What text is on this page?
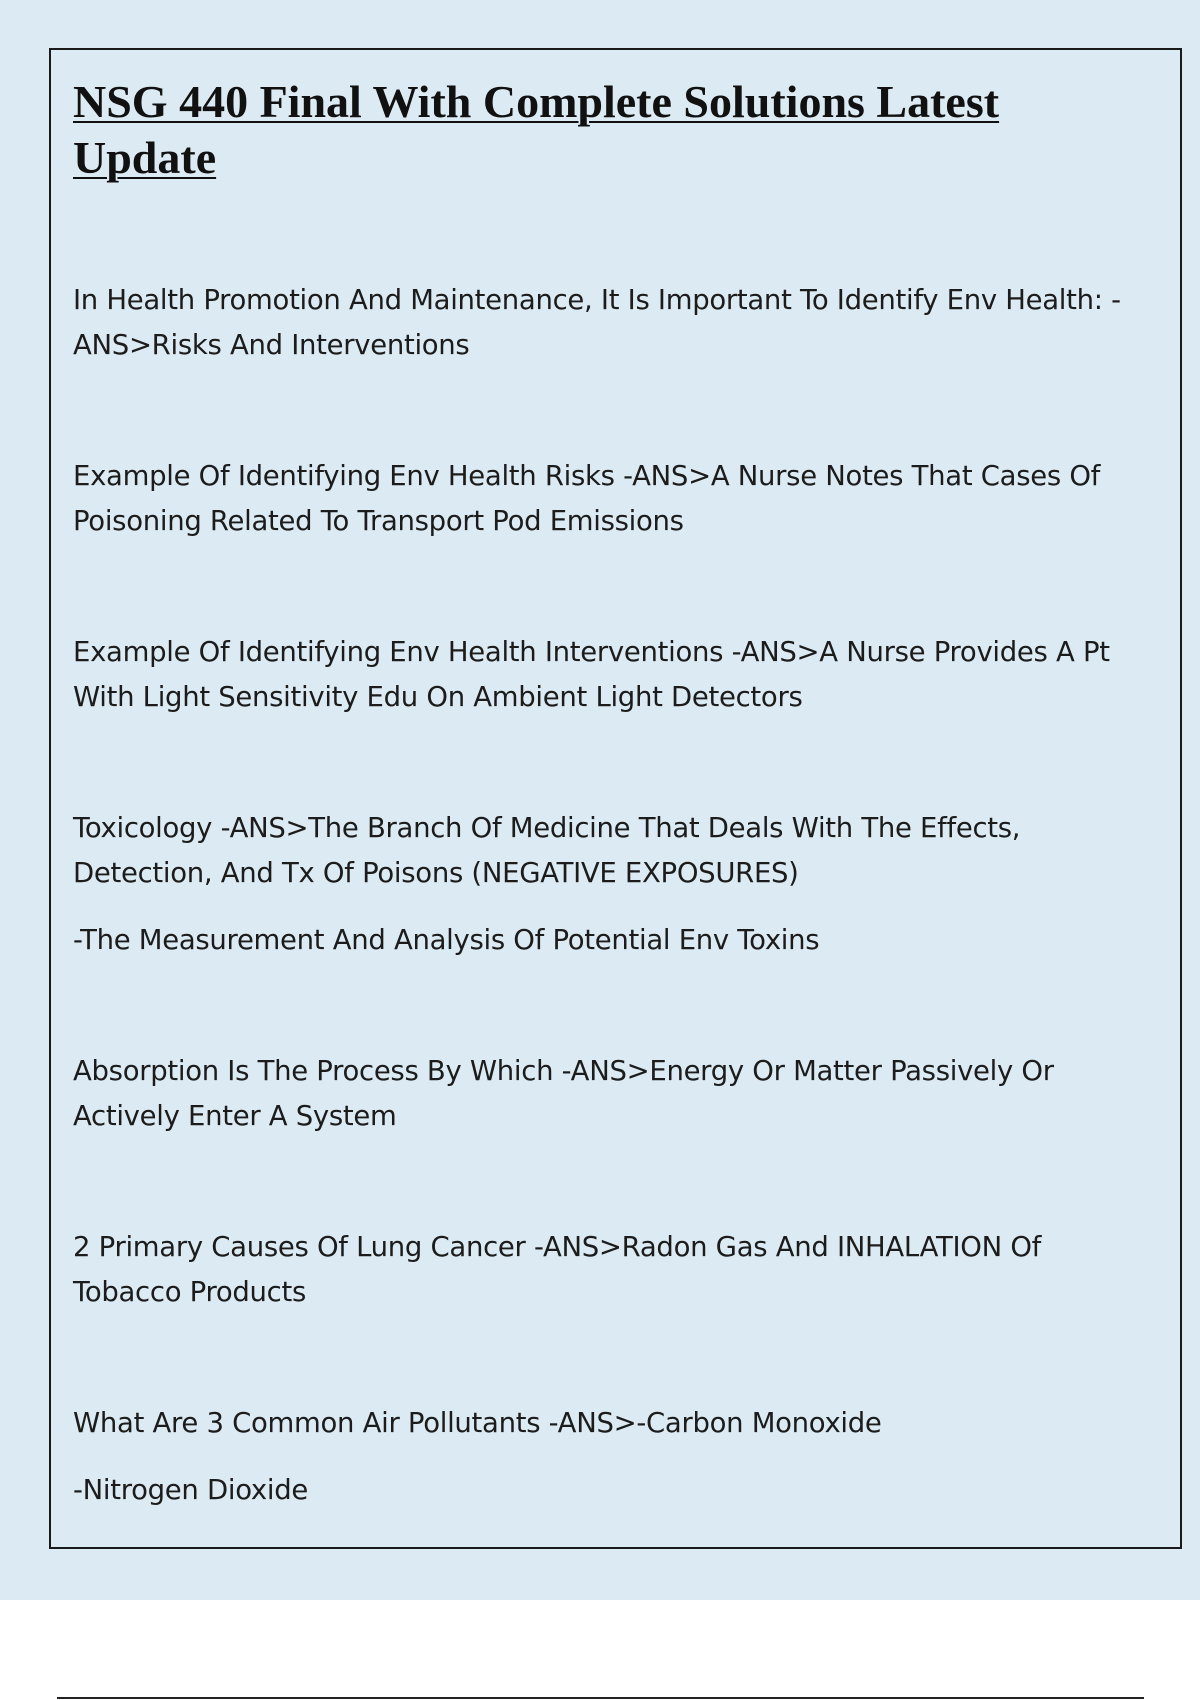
NSG 440 Final With Complete Solutions Latest Update
In Health Promotion And Maintenance, It Is Important To Identify Env Health: -ANS>Risks And Interventions
Example Of Identifying Env Health Risks -ANS>A Nurse Notes That Cases Of Poisoning Related To Transport Pod Emissions
Example Of Identifying Env Health Interventions -ANS>A Nurse Provides A Pt With Light Sensitivity Edu On Ambient Light Detectors
Toxicology -ANS>The Branch Of Medicine That Deals With The Effects, Detection, And Tx Of Poisons (NEGATIVE EXPOSURES)
-The Measurement And Analysis Of Potential Env Toxins
Absorption Is The Process By Which -ANS>Energy Or Matter Passively Or Actively Enter A System
2 Primary Causes Of Lung Cancer -ANS>Radon Gas And INHALATION Of Tobacco Products
What Are 3 Common Air Pollutants -ANS>-Carbon Monoxide
-Nitrogen Dioxide
